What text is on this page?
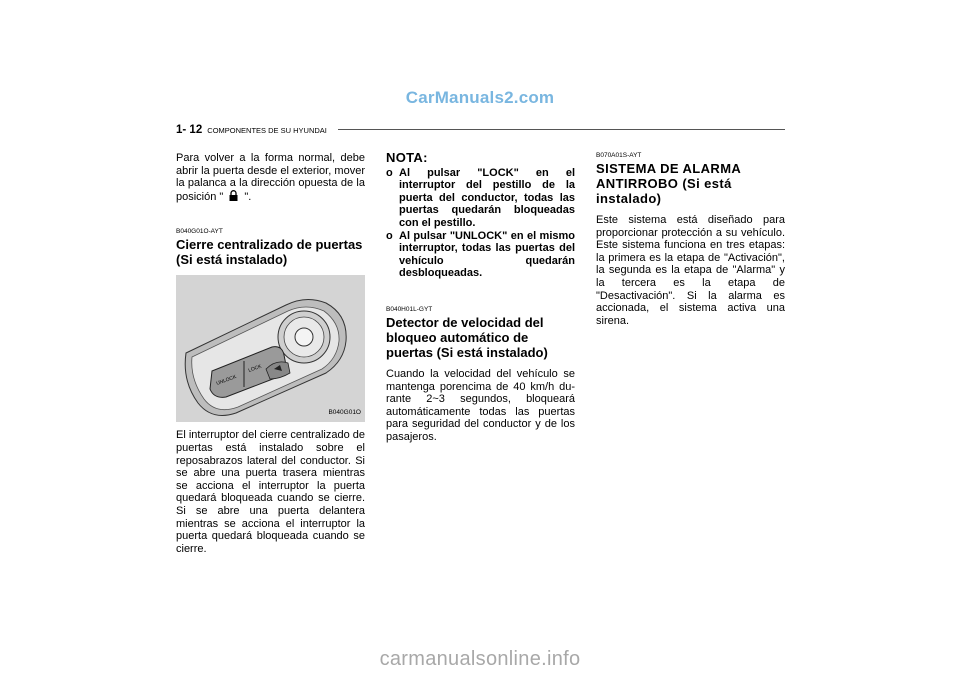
CarManuals2.com
1- 12 COMPONENTES DE SU HYUNDAI

Para volver a la forma normal, debe abrir la puerta desde el exterior, mover la palanca a la dirección opuesta de la posición " ".

B040G01O-AYT

Cierre centralizado de puertas (Si está instalado)
UNLOCK
LOCK
B040G01O

El interruptor del cierre centralizado de puertas está instalado sobre el reposabrazos lateral del conductor. Si se abre una puerta trasera mientras se acciona el interruptor la puerta quedará bloqueada cuando se cierre. Si se abre una puerta delantera mientras se acciona el interruptor la puerta quedará bloqueada cuando se cierre.

NOTA:

o Al pulsar "LOCK" en el interruptor del pestillo de la puerta del conductor, todas las puertas quedarán bloqueadas con el pestillo.
o Al pulsar "UNLOCK" en el mismo interruptor, todas las puertas del vehículo quedarán desbloqueadas.

B040H01L-GYT

Detector de velocidad del bloqueo automático de puertas (Si está instalado)

Cuando la velocidad del vehículo se mantenga porencima de 40 km/h du- rante 2~3 segundos, bloqueará automáticamente todas las puertas para seguridad del conductor y de los pasajeros.

B070A01S-AYT

SISTEMA DE ALARMA ANTIRROBO (Si está instalado)

Este sistema está diseñado para proporcionar protección a su vehículo. Este sistema funciona en tres etapas: la primera es la etapa de "Activación", la segunda es la etapa de "Alarma" y la tercera es la etapa de "Desactivación". Si la alarma es accionada, el sistema activa una sirena.

carmanualsonline.info
